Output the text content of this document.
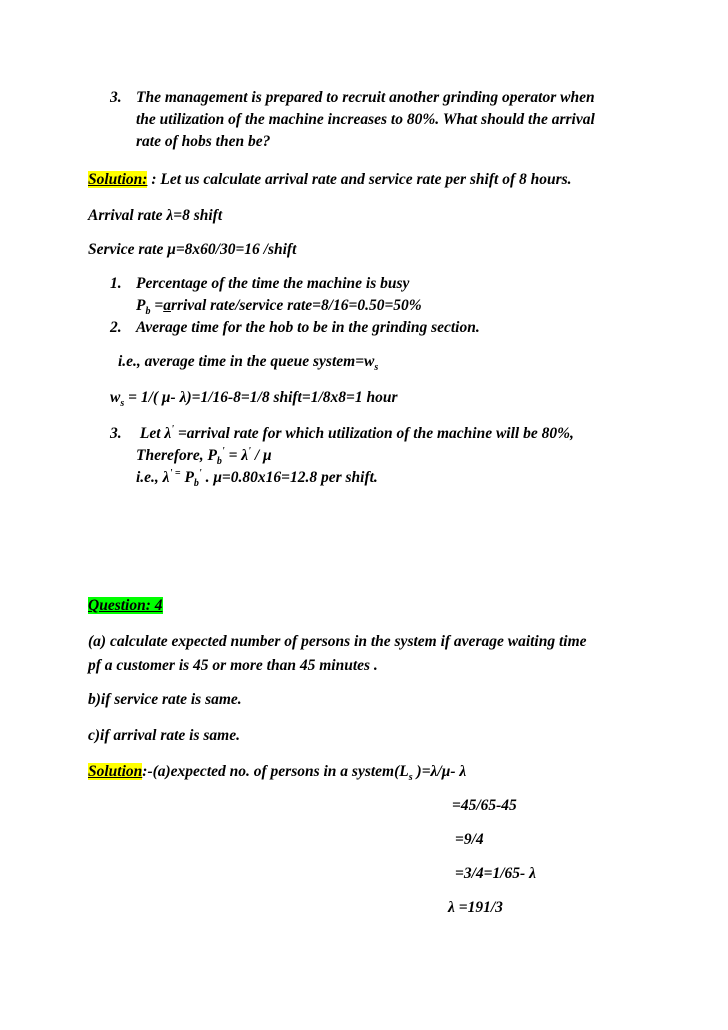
3. The management is prepared to recruit another grinding operator when
the utilization of the machine increases to 80%. What should the arrival
rate of hobs then be?
Solution: : Let us calculate arrival rate and service rate per shift of 8 hours.
Arrival rate λ=8 shift
Service rate μ=8x60/30=16 /shift
1. Percentage of the time the machine is busy
$P_b$ =arrival rate/service rate=8/16=0.50=50%
2. Average time for the hob to be in the grinding section.
i.e., average time in the queue $system=w_s$
$w_s = 1/$( μ- λ)=1/16-8=1/8 shift=1/8x8=1 hour
3. Let λ' =arrival rate for which utilization of the machine will be 80%,
Therefore, $P_b' = \lambda' / \mu$
i.e., λ' = $P_b'$ . μ=0.80x16=12.8 per shift.
Question: 4
(a) calculate expected number of persons in the system if average waiting time
pf a customer is 45 or more than 45 minutes .
b)if service rate is same.
c)if arrival rate is same.
Solution:-(a)expected no. of persons in a $system(L_s$ )=λ/μ- λ
=45/65-45
=9/4
=3/4=1/65- λ
λ =191/3
